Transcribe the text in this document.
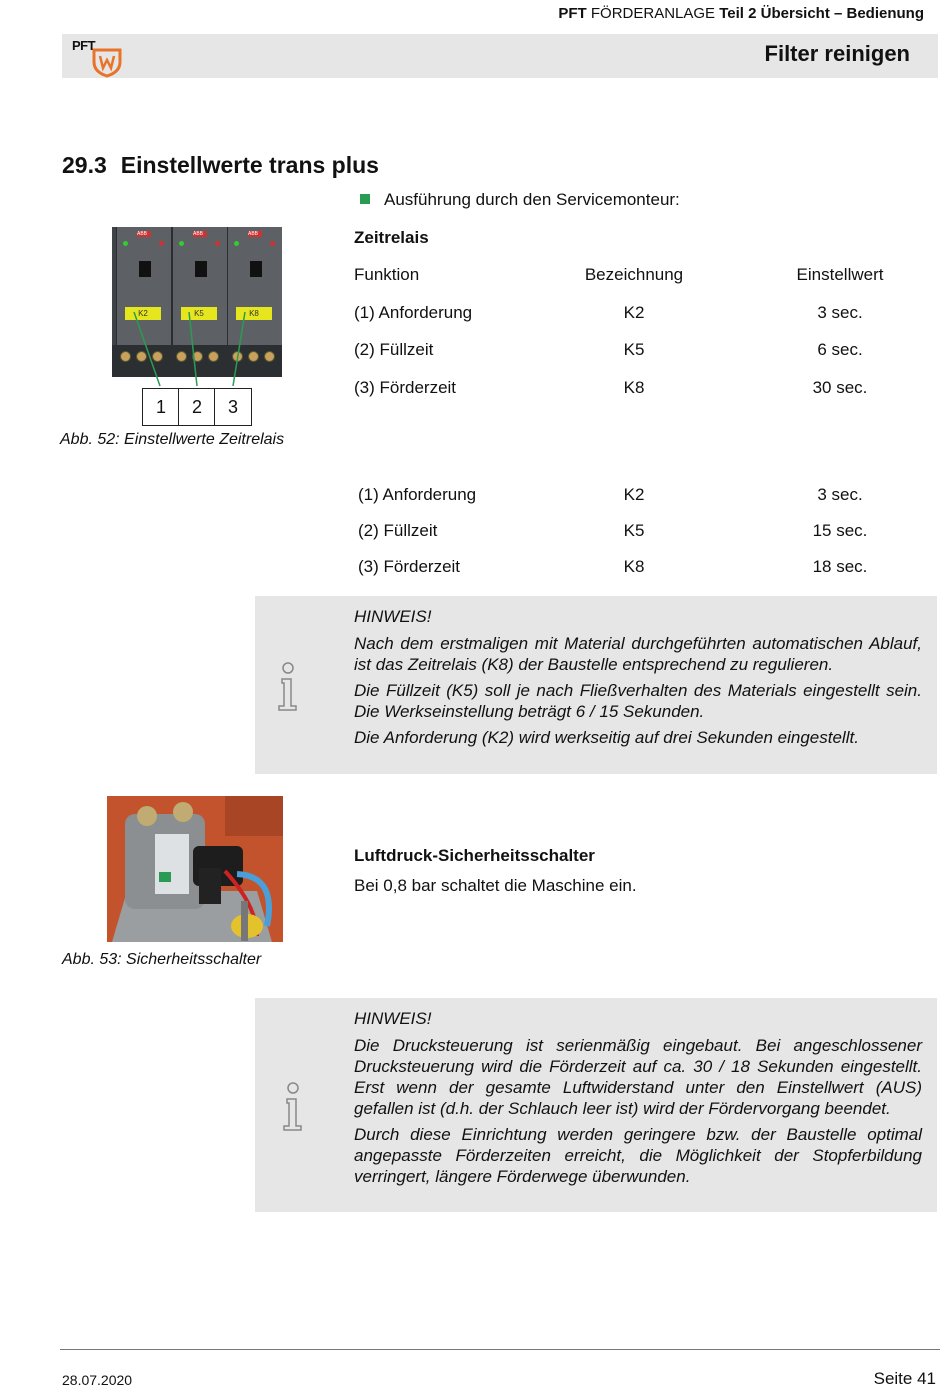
PFT FÖRDERANLAGE Teil 2 Übersicht – Bedienung
PFT	Filter reinigen
29.3 Einstellwerte trans plus
Ausführung durch den Servicemonteur:
Zeitrelais
Funktion	Bezeichnung	Einstellwert
(1) Anforderung	K2	3 sec.
(2) Füllzeit	K5	6 sec.
(3) Förderzeit	K8	30 sec.
ABB
K2
ABB
K5
ABB
K8
1	2	3
Abb. 52: Einstellwerte Zeitrelais
(1) Anforderung	K2	3 sec.
(2) Füllzeit	K5	15 sec.
(3) Förderzeit	K8	18 sec.

HINWEIS!

Nach dem erstmaligen mit Material durchgeführten automatischen Ablauf, ist das Zeitrelais (K8) der Baustelle entsprechend zu regulieren.

Die Füllzeit (K5) soll je nach Fließverhalten des Materials eingestellt sein. Die Werkseinstellung beträgt 6 / 15 Sekunden.

Die Anforderung (K2) wird werkseitig auf drei Sekunden eingestellt.

Abb. 53: Sicherheitsschalter
Luftdruck-Sicherheitsschalter
Bei 0,8 bar schaltet die Maschine ein.

HINWEIS!

Die Drucksteuerung ist serienmäßig eingebaut. Bei angeschlossener Drucksteuerung wird die Förderzeit auf ca. 30 / 18 Sekunden eingestellt. Erst wenn der gesamte Luftwiderstand unter den Einstellwert (AUS) gefallen ist (d.h. der Schlauch leer ist) wird der Fördervorgang beendet.

Durch diese Einrichtung werden geringere bzw. der Baustelle optimal angepasste Förderzeiten erreicht, die Möglichkeit der Stopferbildung verringert, längere Förderwege überwunden.

28.07.2020	Seite 41
